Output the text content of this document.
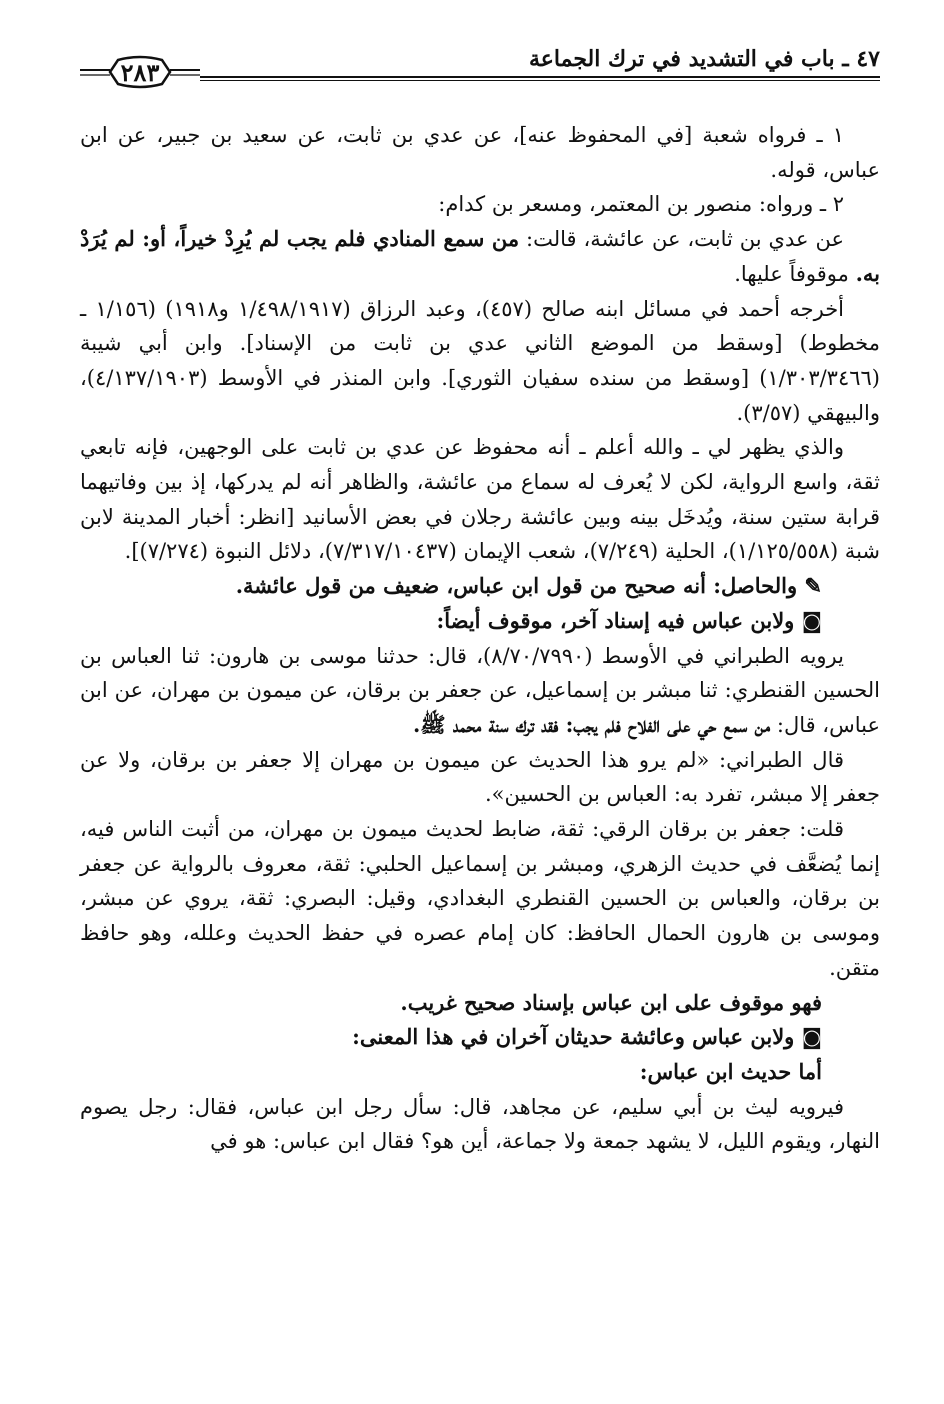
٤٧ ـ باب في التشديد في ترك الجماعة
٢٨٣

١ ـ فرواه شعبة [في المحفوظ عنه]، عن عدي بن ثابت، عن سعيد بن جبير، عن ابن عباس، قوله.

٢ ـ ورواه: منصور بن المعتمر، ومسعر بن كدام:

عن عدي بن ثابت، عن عائشة، قالت: من سمع المنادي فلم يجب لم يُرِدْ خيراً، أو: لم يُرَدْ به. موقوفاً عليها.

أخرجه أحمد في مسائل ابنه صالح (٤٥٧)، وعبد الرزاق (١/٤٩٨/١٩١٧ و١٩١٨) (١/١٥٦ ـ مخطوط) [وسقط من الموضع الثاني عدي بن ثابت من الإسناد]. وابن أبي شيبة (١/٣٠٣/٣٤٦٦) [وسقط من سنده سفيان الثوري]. وابن المنذر في الأوسط (٤/١٣٧/١٩٠٣)، والبيهقي (٣/٥٧).

والذي يظهر لي ـ والله أعلم ـ أنه محفوظ عن عدي بن ثابت على الوجهين، فإنه تابعي ثقة، واسع الرواية، لكن لا يُعرف له سماع من عائشة، والظاهر أنه لم يدركها، إذ بين وفاتيهما قرابة ستين سنة، ويُدخَل بينه وبين عائشة رجلان في بعض الأسانيد [انظر: أخبار المدينة لابن شبة (١/١٢٥/٥٥٨)، الحلية (٧/٢٤٩)، شعب الإيمان (٧/٣١٧/١٠٤٣٧)، دلائل النبوة (٧/٢٧٤)].

✎ والحاصل: أنه صحيح من قول ابن عباس، ضعيف من قول عائشة.

◙ ولابن عباس فيه إسناد آخر، موقوف أيضاً:

يرويه الطبراني في الأوسط (٨/٧٠/٧٩٩٠)، قال: حدثنا موسى بن هارون: ثنا العباس بن الحسين القنطري: ثنا مبشر بن إسماعيل، عن جعفر بن برقان، عن ميمون بن مهران، عن ابن عباس، قال: من سمع حي على الفلاح فلم يجب: فقد ترك سنة محمد ﷺ.

قال الطبراني: «لم يرو هذا الحديث عن ميمون بن مهران إلا جعفر بن برقان، ولا عن جعفر إلا مبشر، تفرد به: العباس بن الحسين».

قلت: جعفر بن برقان الرقي: ثقة، ضابط لحديث ميمون بن مهران، من أثبت الناس فيه، إنما يُضعَّف في حديث الزهري، ومبشر بن إسماعيل الحلبي: ثقة، معروف بالرواية عن جعفر بن برقان، والعباس بن الحسين القنطري البغدادي، وقيل: البصري: ثقة، يروي عن مبشر، وموسى بن هارون الحمال الحافظ: كان إمام عصره في حفظ الحديث وعلله، وهو حافظ متقن.

فهو موقوف على ابن عباس بإسناد صحيح غريب.

◙ ولابن عباس وعائشة حديثان آخران في هذا المعنى:

أما حديث ابن عباس:

فيرويه ليث بن أبي سليم، عن مجاهد، قال: سأل رجل ابن عباس، فقال: رجل يصوم النهار، ويقوم الليل، لا يشهد جمعة ولا جماعة، أين هو؟ فقال ابن عباس: هو في
